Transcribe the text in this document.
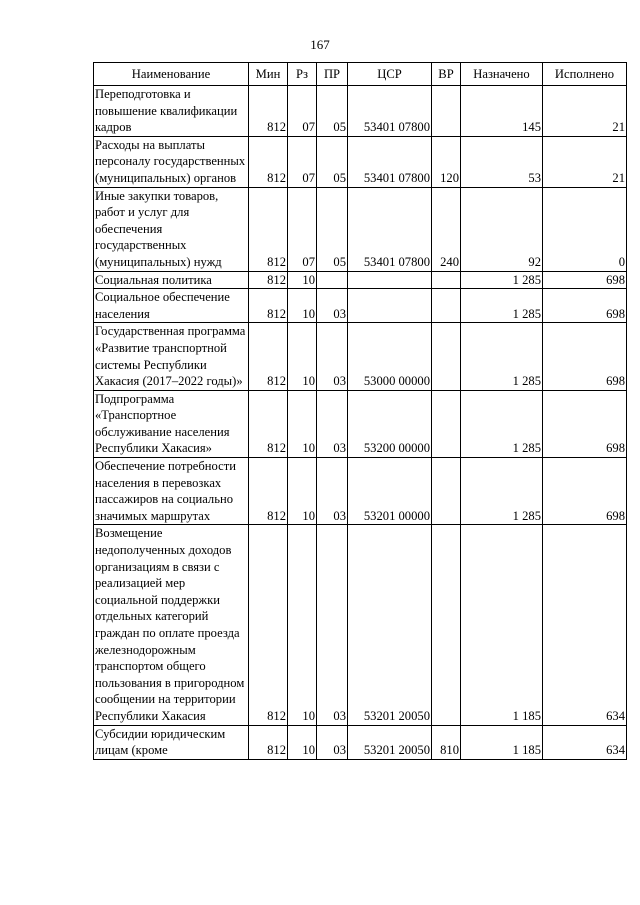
167
Наименование	Мин	Рз	ПР	ЦСР	ВР	Назначено	Исполнено
Переподготовка и повышение квалификации кадров	812	07	05	53401 07800		145	21
Расходы на выплаты персоналу государственных (муниципальных) органов	812	07	05	53401 07800	120	53	21
Иные закупки товаров, работ и услуг для обеспечения государственных (муниципальных) нужд	812	07	05	53401 07800	240	92	0
Социальная политика	812	10				1 285	698
Социальное обеспечение населения	812	10	03			1 285	698
Государственная программа «Развитие транспортной системы Республики Хакасия (2017–2022 годы)»	812	10	03	53000 00000		1 285	698
Подпрограмма «Транспортное обслуживание населения Республики Хакасия»	812	10	03	53200 00000		1 285	698
Обеспечение потребности населения в перевозках пассажиров на социально значимых маршрутах	812	10	03	53201 00000		1 285	698
Возмещение недополученных доходов организациям в связи с реализацией мер социальной поддержки отдельных категорий граждан по оплате проезда железнодорожным транспортом общего пользования в пригородном сообщении на территории Республики Хакасия	812	10	03	53201 20050		1 185	634
Субсидии юридическим лицам (кроме	812	10	03	53201 20050	810	1 185	634
